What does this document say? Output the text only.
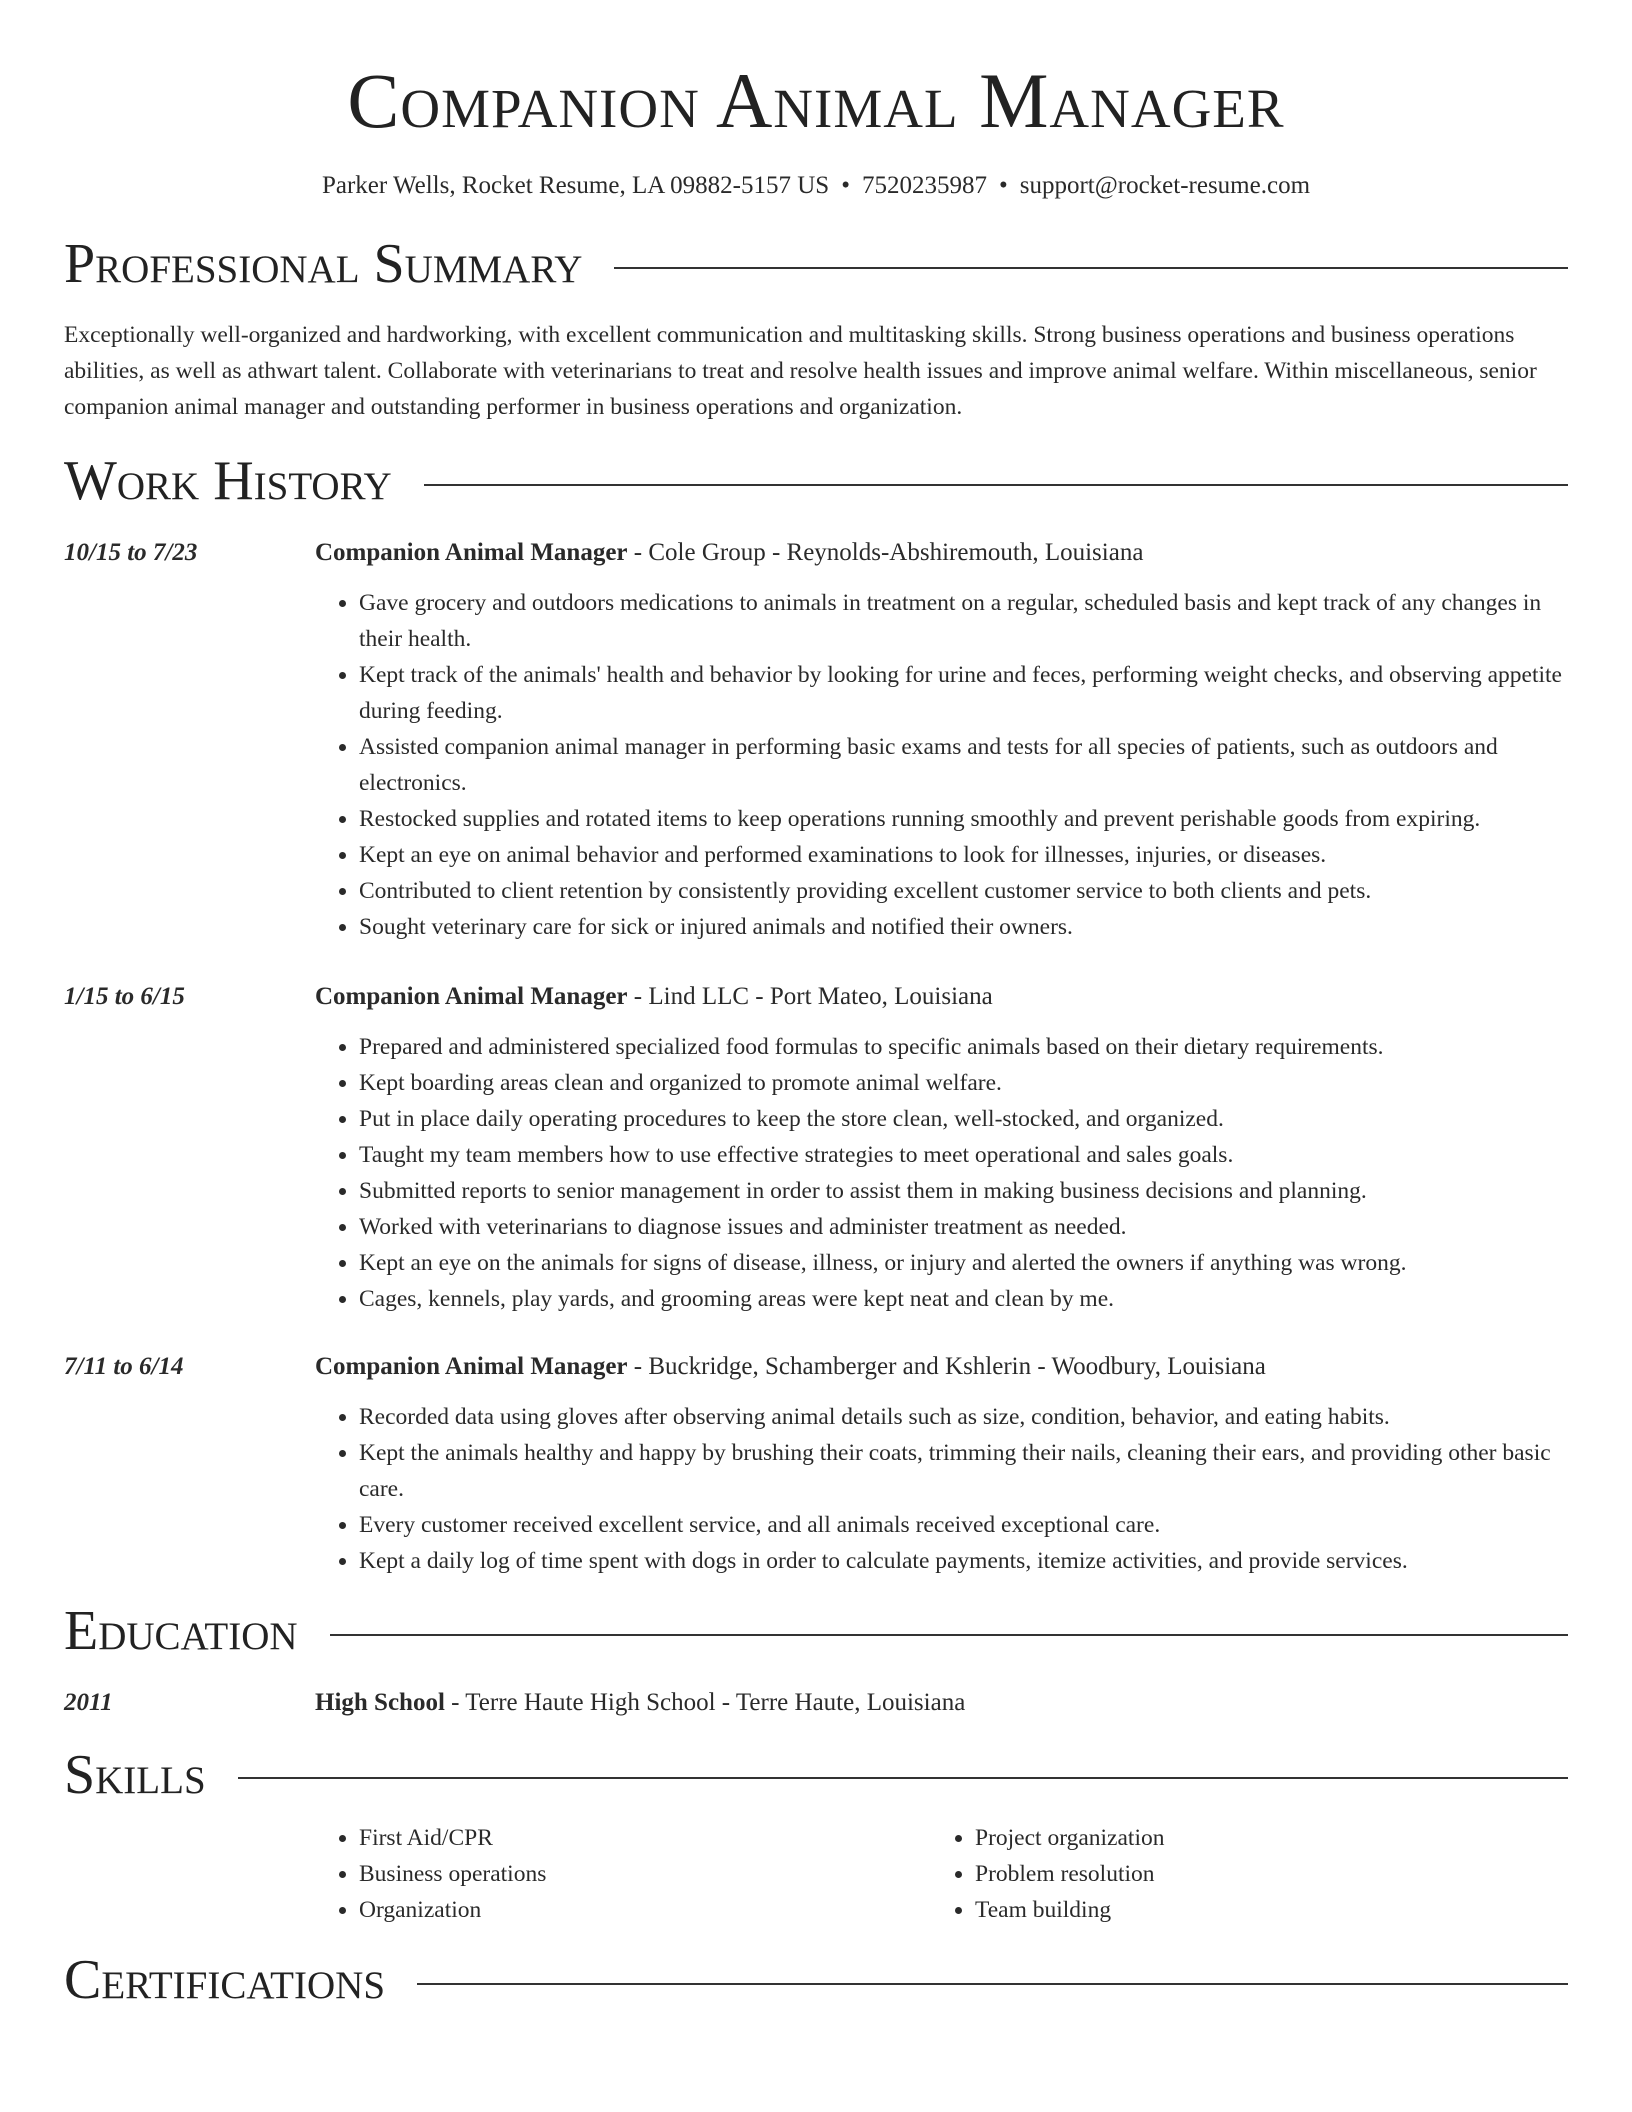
Companion Animal Manager
Parker Wells, Rocket Resume, LA 09882-5157 US • 7520235987 • support@rocket-resume.com
Professional Summary

Exceptionally well-organized and hardworking, with excellent communication and multitasking skills. Strong business operations and business operations abilities, as well as athwart talent. Collaborate with veterinarians to treat and resolve health issues and improve animal welfare. Within miscellaneous, senior companion animal manager and outstanding performer in business operations and organization.

Work History
10/15 to 7/23	Companion Animal Manager - Cole Group - Reynolds-Abshiremouth, Louisiana
• Gave grocery and outdoors medications to animals in treatment on a regular, scheduled basis and kept track of any changes in their health.
• Kept track of the animals' health and behavior by looking for urine and feces, performing weight checks, and observing appetite during feeding.
• Assisted companion animal manager in performing basic exams and tests for all species of patients, such as outdoors and electronics.
• Restocked supplies and rotated items to keep operations running smoothly and prevent perishable goods from expiring.
• Kept an eye on animal behavior and performed examinations to look for illnesses, injuries, or diseases.
• Contributed to client retention by consistently providing excellent customer service to both clients and pets.
• Sought veterinary care for sick or injured animals and notified their owners.
1/15 to 6/15	Companion Animal Manager - Lind LLC - Port Mateo, Louisiana
• Prepared and administered specialized food formulas to specific animals based on their dietary requirements.
• Kept boarding areas clean and organized to promote animal welfare.
• Put in place daily operating procedures to keep the store clean, well-stocked, and organized.
• Taught my team members how to use effective strategies to meet operational and sales goals.
• Submitted reports to senior management in order to assist them in making business decisions and planning.
• Worked with veterinarians to diagnose issues and administer treatment as needed.
• Kept an eye on the animals for signs of disease, illness, or injury and alerted the owners if anything was wrong.
• Cages, kennels, play yards, and grooming areas were kept neat and clean by me.
7/11 to 6/14	Companion Animal Manager - Buckridge, Schamberger and Kshlerin - Woodbury, Louisiana
• Recorded data using gloves after observing animal details such as size, condition, behavior, and eating habits.
• Kept the animals healthy and happy by brushing their coats, trimming their nails, cleaning their ears, and providing other basic care.
• Every customer received excellent service, and all animals received exceptional care.
• Kept a daily log of time spent with dogs in order to calculate payments, itemize activities, and provide services.
Education
2011	High School - Terre Haute High School - Terre Haute, Louisiana
Skills
• First Aid/CPR
• Business operations
• Organization
• Project organization
• Problem resolution
• Team building
Certifications
